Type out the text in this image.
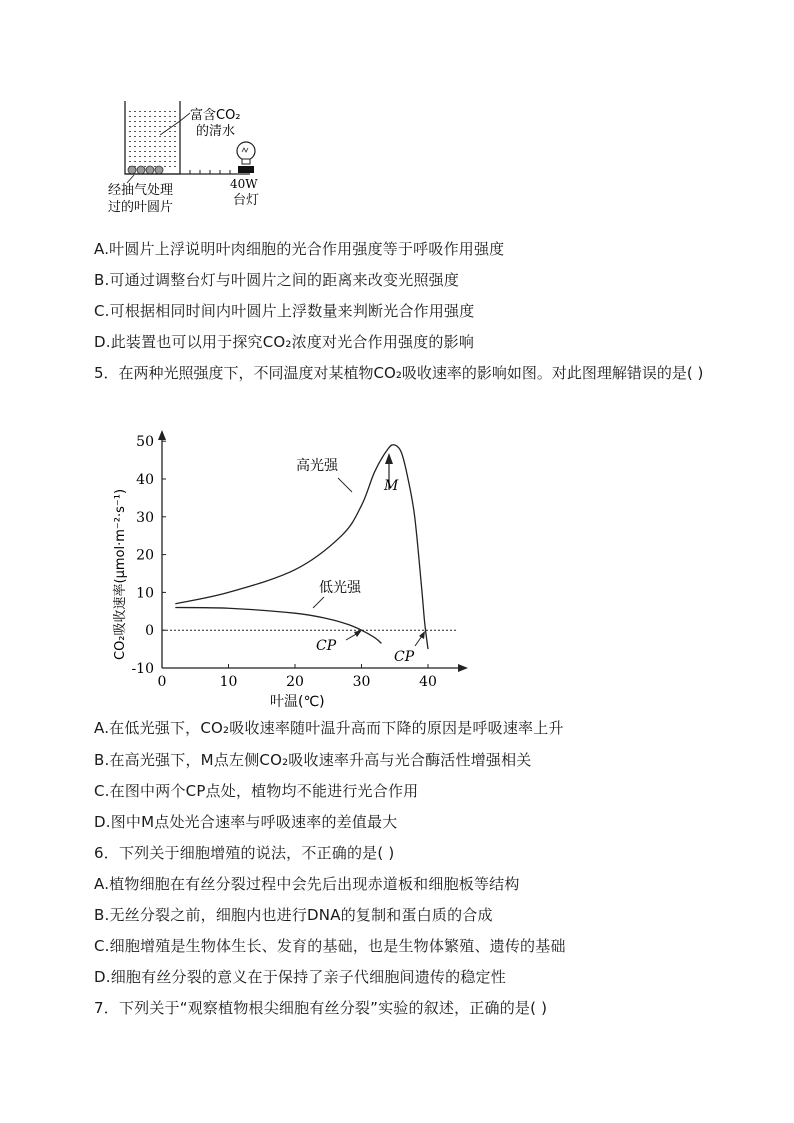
富含CO₂
的清水
经抽气处理
过的叶圆片
40W
台灯
A.叶圆片上浮说明叶肉细胞的光合作用强度等于呼吸作用强度
B.可通过调整台灯与叶圆片之间的距离来改变光照强度
C.可根据相同时间内叶圆片上浮数量来判断光合作用强度
D.此装置也可以用于探究CO₂浓度对光合作用强度的影响
5．在两种光照强度下，不同温度对某植物CO₂吸收速率的影响如图。对此图理解错误的是( )
-10
0
10
20
30
40
50
0	10	20	30	40
高光强
低光强
M
CP
CP
叶温(℃)
CO₂吸收速率(μmol·m⁻²·s⁻¹)
A.在低光强下，CO₂吸收速率随叶温升高而下降的原因是呼吸速率上升
B.在高光强下，M点左侧CO₂吸收速率升高与光合酶活性增强相关
C.在图中两个CP点处，植物均不能进行光合作用
D.图中M点处光合速率与呼吸速率的差值最大
6．下列关于细胞增殖的说法，不正确的是( )
A.植物细胞在有丝分裂过程中会先后出现赤道板和细胞板等结构
B.无丝分裂之前，细胞内也进行DNA的复制和蛋白质的合成
C.细胞增殖是生物体生长、发育的基础，也是生物体繁殖、遗传的基础
D.细胞有丝分裂的意义在于保持了亲子代细胞间遗传的稳定性
7．下列关于“观察植物根尖细胞有丝分裂”实验的叙述，正确的是( )
